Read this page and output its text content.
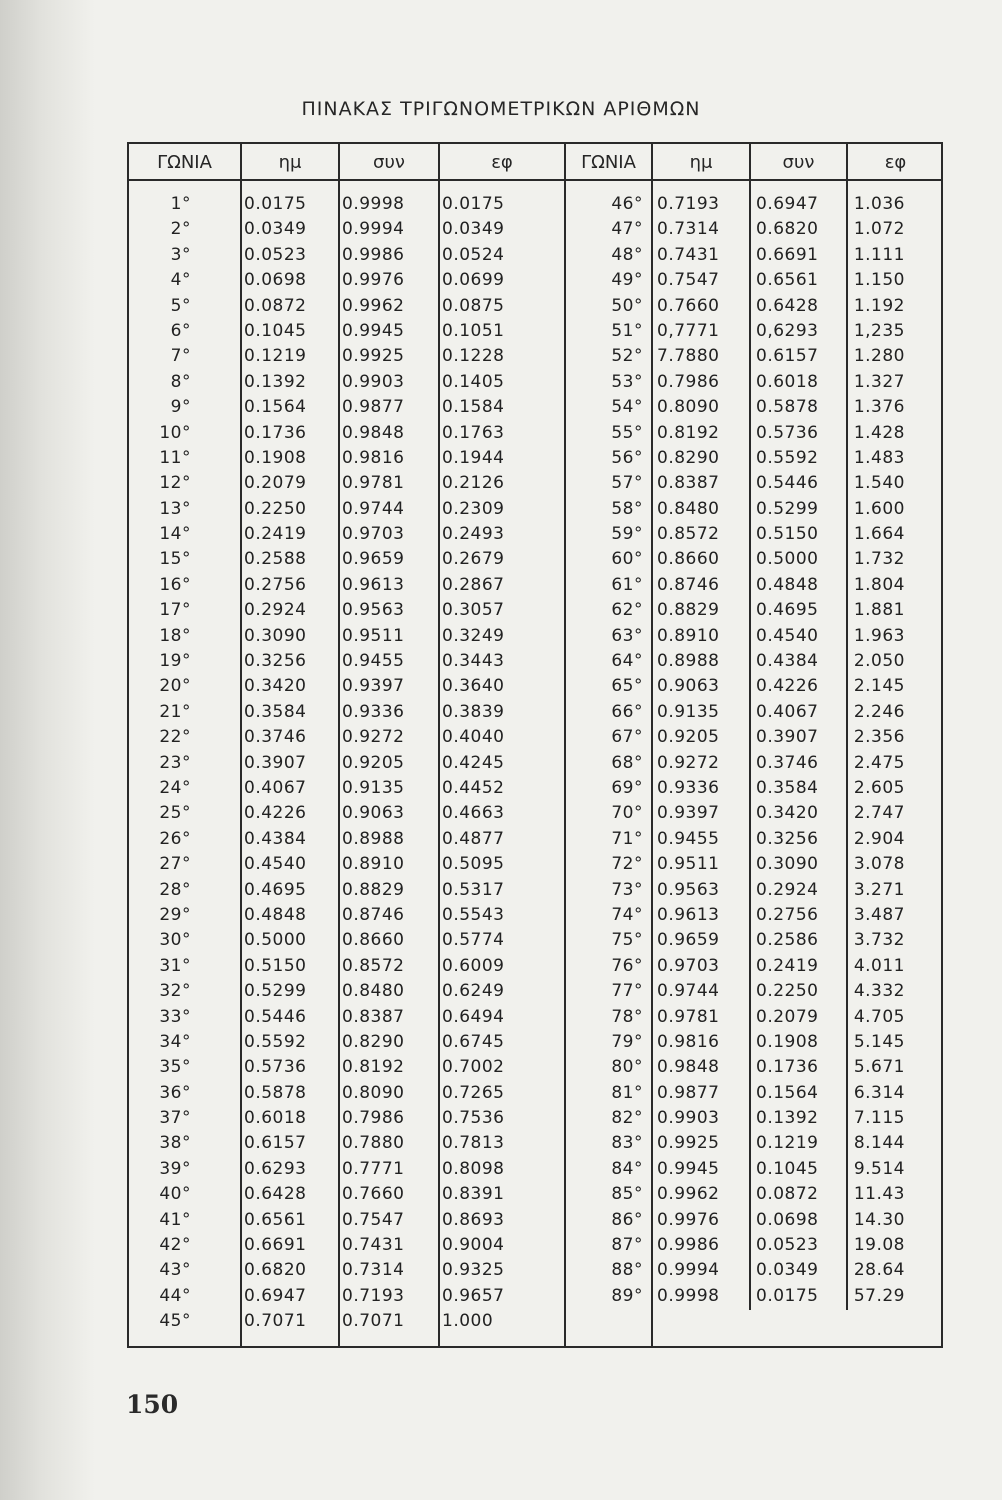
ΠΙΝΑΚΑΣ ΤΡΙΓΩΝΟΜΕΤΡΙΚΩΝ ΑΡΙΘΜΩΝ
ΓΩΝΙΑ	ημ	συν	εφ	ΓΩΝΙΑ	ημ	συν	εφ
1°	0.0175 0.9998 0.0175	46° 0.7193 0.6947 1.036
2°	0.0349 0.9994 0.0349	47° 0.7314 0.6820 1.072
3°	0.0523 0.9986 0.0524	48° 0.7431 0.6691 1.111
4°	0.0698 0.9976 0.0699	49° 0.7547 0.6561 1.150
5°	0.0872 0.9962 0.0875	50° 0.7660 0.6428 1.192
6°	0.1045 0.9945 0.1051	51° 0,7771 0,6293 1,235
7°	0.1219 0.9925 0.1228	52° 7.7880 0.6157 1.280
8°	0.1392 0.9903 0.1405	53° 0.7986 0.6018 1.327
9°	0.1564 0.9877 0.1584	54° 0.8090 0.5878 1.376
10°	0.1736 0.9848 0.1763	55° 0.8192 0.5736 1.428
11°	0.1908 0.9816 0.1944	56° 0.8290 0.5592 1.483
12°	0.2079 0.9781 0.2126	57° 0.8387 0.5446 1.540
13°	0.2250 0.9744 0.2309	58° 0.8480 0.5299 1.600
14°	0.2419 0.9703 0.2493	59° 0.8572 0.5150 1.664
15°	0.2588 0.9659 0.2679	60° 0.8660 0.5000 1.732
16°	0.2756 0.9613 0.2867	61° 0.8746 0.4848 1.804
17°	0.2924 0.9563 0.3057	62° 0.8829 0.4695 1.881
18°	0.3090 0.9511 0.3249	63° 0.8910 0.4540 1.963
19°	0.3256 0.9455 0.3443	64° 0.8988 0.4384 2.050
20°	0.3420 0.9397 0.3640	65° 0.9063 0.4226 2.145
21°	0.3584 0.9336 0.3839	66° 0.9135 0.4067 2.246
22°	0.3746 0.9272 0.4040	67° 0.9205 0.3907 2.356
23°	0.3907 0.9205 0.4245	68° 0.9272 0.3746 2.475
24°	0.4067 0.9135 0.4452	69° 0.9336 0.3584 2.605
25°	0.4226 0.9063 0.4663	70° 0.9397 0.3420 2.747
26°	0.4384 0.8988 0.4877	71° 0.9455 0.3256 2.904
27°	0.4540 0.8910 0.5095	72° 0.9511 0.3090 3.078
28°	0.4695 0.8829 0.5317	73° 0.9563 0.2924 3.271
29°	0.4848 0.8746 0.5543	74° 0.9613 0.2756 3.487
30°	0.5000 0.8660 0.5774	75° 0.9659 0.2586 3.732
31°	0.5150 0.8572 0.6009	76° 0.9703 0.2419 4.011
32°	0.5299 0.8480 0.6249	77° 0.9744 0.2250 4.332
33°	0.5446 0.8387 0.6494	78° 0.9781 0.2079 4.705
34°	0.5592 0.8290 0.6745	79° 0.9816 0.1908 5.145
35°	0.5736 0.8192 0.7002	80° 0.9848 0.1736 5.671
36°	0.5878 0.8090 0.7265	81° 0.9877 0.1564 6.314
37°	0.6018 0.7986 0.7536	82° 0.9903 0.1392 7.115
38°	0.6157 0.7880 0.7813	83° 0.9925 0.1219 8.144
39°	0.6293 0.7771 0.8098	84° 0.9945 0.1045 9.514
40°	0.6428 0.7660 0.8391	85° 0.9962 0.0872 11.43
41°	0.6561 0.7547 0.8693	86° 0.9976 0.0698 14.30
42°	0.6691 0.7431 0.9004	87° 0.9986 0.0523 19.08
43°	0.6820 0.7314 0.9325	88° 0.9994 0.0349 28.64
44°	0.6947 0.7193 0.9657	89° 0.9998 0.0175 57.29
45°	0.7071 0.7071 1.000
150
